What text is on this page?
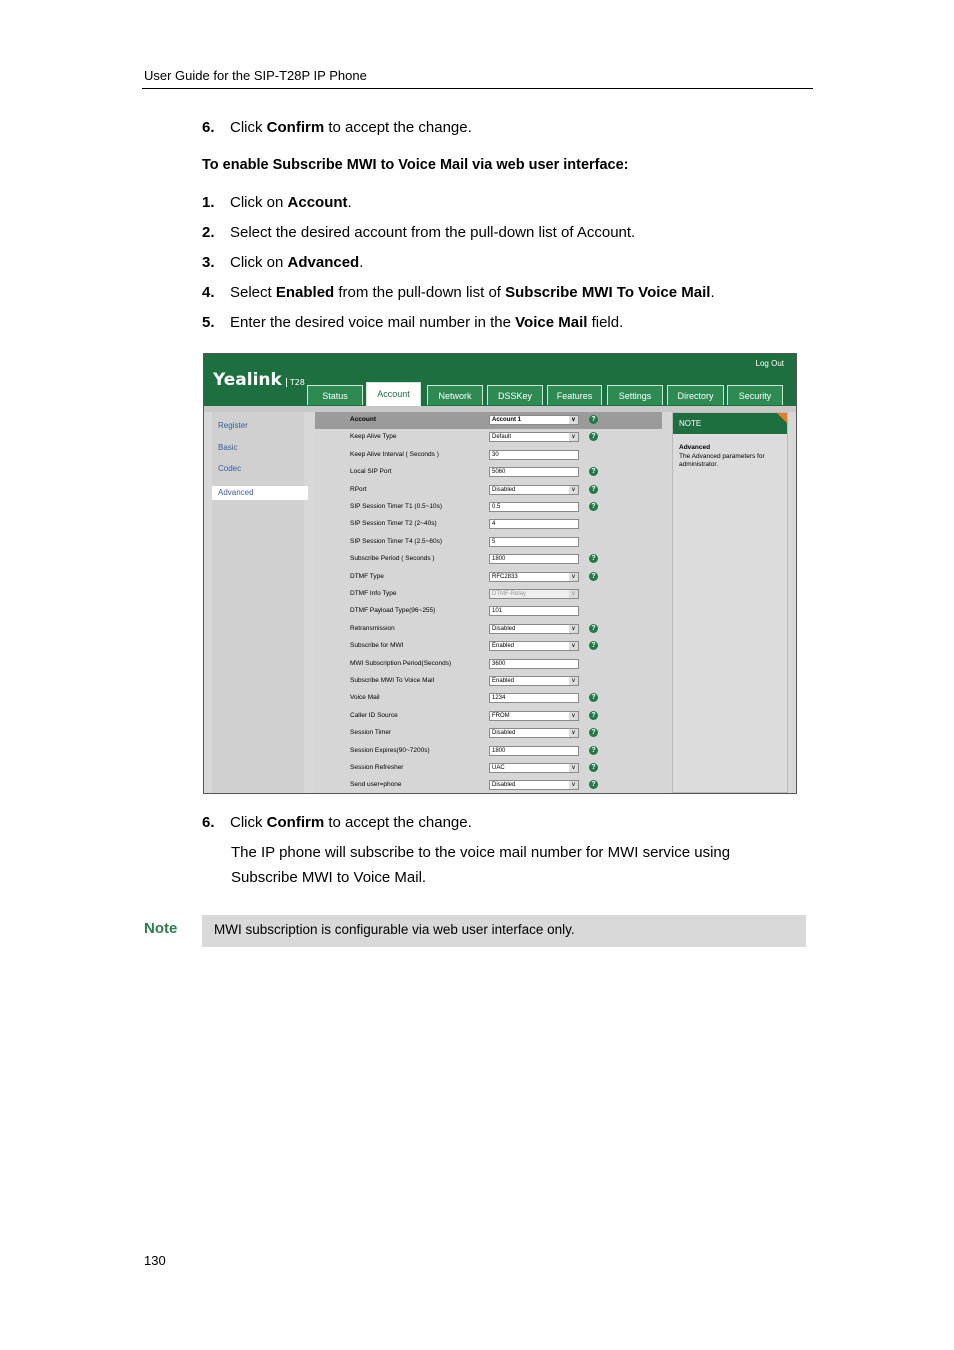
User Guide for the SIP-T28P IP Phone
6. Click Confirm to accept the change.
To enable Subscribe MWI to Voice Mail via web user interface:
1. Click on Account.
2. Select the desired account from the pull-down list of Account.
3. Click on Advanced.
4. Select Enabled from the pull-down list of Subscribe MWI To Voice Mail.
5. Enter the desired voice mail number in the Voice Mail field.
Yealink T28
Log Out
Account	Account 1 ∨	?
Keep Alive Type	Default ∨	?
Keep Alive Interval ( Seconds )	30
Local SIP Port	5060	?
RPort	Disabled ∨	?
SIP Session Timer T1 (0.5~10s)	0.5	?
SIP Session Timer T2 (2~40s)	4
SIP Session Timer T4 (2.5~60s)	5
Subscribe Period ( Seconds )	1800	?
DTMF Type	RFC2833 ∨	?
DTMF Info Type	DTMF-Relay ∨
DTMF Payload Type(96~255)	101
Retransmission	Disabled ∨	?
Subscribe for MWI	Enabled ∨	?
MWI Subscription Period(Seconds)	3600
Subscribe MWI To Voice Mail	Enabled ∨
Voice Mail	1234	?
Caller ID Source	FROM ∨	?
Session Timer	Disabled ∨	?
Session Expires(90~7200s)	1800	?
Session Refresher	UAC ∨	?
Send user=phone	Disabled ∨	?
NOTE
Advanced
The Advanced parameters for administrator.
Status	Account	Network	DSSKey	Features	Settings	Directory	Security
Register
Basic
Codec
Advanced
6. Click Confirm to accept the change.
The IP phone will subscribe to the voice mail number for MWI service using Subscribe MWI to Voice Mail.
Note	MWI subscription is configurable via web user interface only.
130
